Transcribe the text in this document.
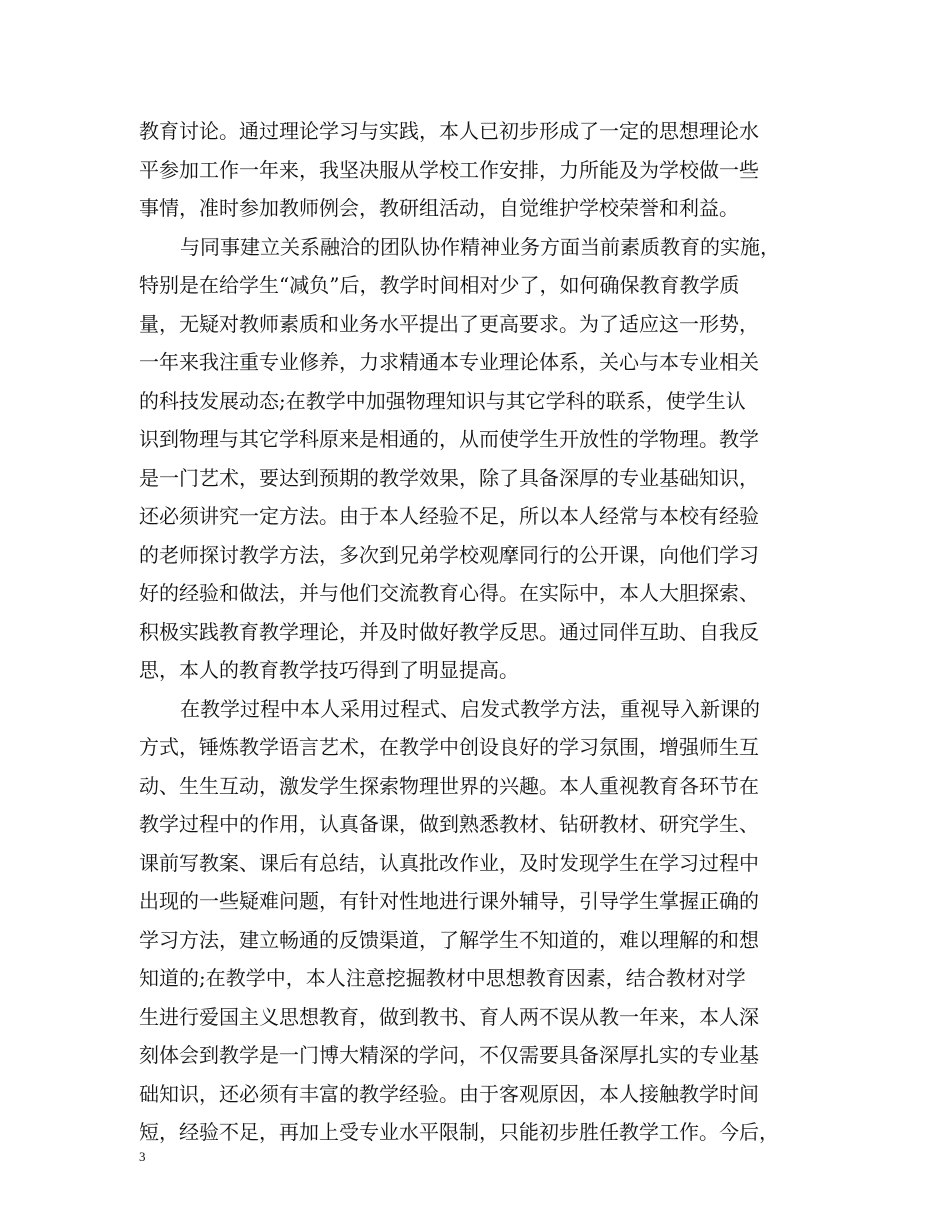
教育讨论。通过理论学习与实践，本人已初步形成了一定的思想理论水
平参加工作一年来，我坚决服从学校工作安排，力所能及为学校做一些
事情，准时参加教师例会，教研组活动，自觉维护学校荣誉和利益。
与同事建立关系融洽的团队协作精神业务方面当前素质教育的实施，
特别是在给学生“减负”后，教学时间相对少了，如何确保教育教学质
量，无疑对教师素质和业务水平提出了更高要求。为了适应这一形势，
一年来我注重专业修养，力求精通本专业理论体系，关心与本专业相关
的科技发展动态;在教学中加强物理知识与其它学科的联系，使学生认
识到物理与其它学科原来是相通的，从而使学生开放性的学物理。教学
是一门艺术，要达到预期的教学效果，除了具备深厚的专业基础知识，
还必须讲究一定方法。由于本人经验不足，所以本人经常与本校有经验
的老师探讨教学方法，多次到兄弟学校观摩同行的公开课，向他们学习
好的经验和做法，并与他们交流教育心得。在实际中，本人大胆探索、
积极实践教育教学理论，并及时做好教学反思。通过同伴互助、自我反
思，本人的教育教学技巧得到了明显提高。
在教学过程中本人采用过程式、启发式教学方法，重视导入新课的
方式，锤炼教学语言艺术，在教学中创设良好的学习氛围，增强师生互
动、生生互动，激发学生探索物理世界的兴趣。本人重视教育各环节在
教学过程中的作用，认真备课，做到熟悉教材、钻研教材、研究学生、
课前写教案、课后有总结，认真批改作业，及时发现学生在学习过程中
出现的一些疑难问题，有针对性地进行课外辅导，引导学生掌握正确的
学习方法，建立畅通的反馈渠道，了解学生不知道的，难以理解的和想
知道的;在教学中，本人注意挖掘教材中思想教育因素，结合教材对学
生进行爱国主义思想教育，做到教书、育人两不误从教一年来，本人深
刻体会到教学是一门博大精深的学问，不仅需要具备深厚扎实的专业基
础知识，还必须有丰富的教学经验。由于客观原因，本人接触教学时间
短，经验不足，再加上受专业水平限制，只能初步胜任教学工作。今后，
3
